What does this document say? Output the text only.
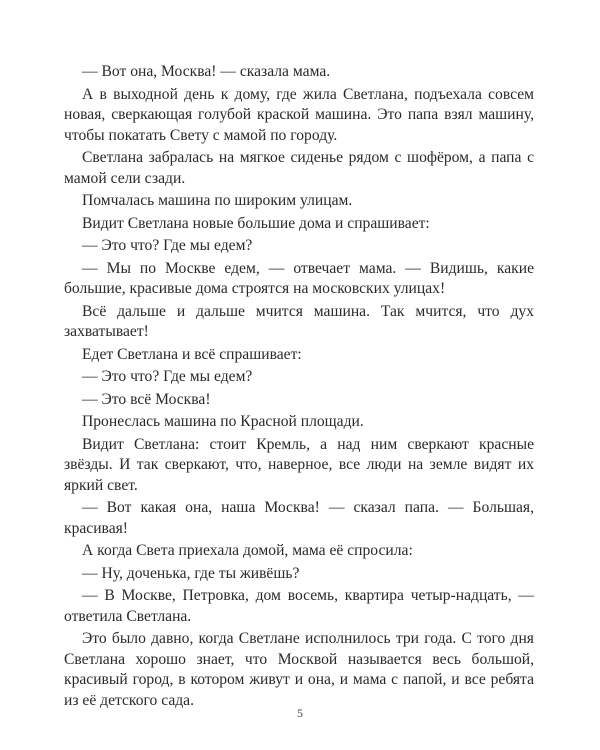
— Вот она, Москва! — сказала мама.

А в выходной день к дому, где жила Светлана, подъехала совсем новая, сверкающая голубой краской машина. Это папа взял машину, чтобы покатать Свету с мамой по городу.

Светлана забралась на мягкое сиденье рядом с шофёром, а папа с мамой сели сзади.

Помчалась машина по широким улицам.

Видит Светлана новые большие дома и спрашивает:

— Это что? Где мы едем?

— Мы по Москве едем, — отвечает мама. — Видишь, какие большие, красивые дома строятся на московских улицах!

Всё дальше и дальше мчится машина. Так мчится, что дух захватывает!

Едет Светлана и всё спрашивает:

— Это что? Где мы едем?

— Это всё Москва!

Пронеслась машина по Красной площади.

Видит Светлана: стоит Кремль, а над ним сверкают красные звёзды. И так сверкают, что, наверное, все люди на земле видят их яркий свет.

— Вот какая она, наша Москва! — сказал папа. — Большая, красивая!

А когда Света приехала домой, мама её спросила:

— Ну, доченька, где ты живёшь?

— В Москве, Петровка, дом восемь, квартира четыр-надцать, — ответила Светлана.

Это было давно, когда Светлане исполнилось три года. С того дня Светлана хорошо знает, что Москвой называется весь большой, красивый город, в котором живут и она, и мама с папой, и все ребята из её детского сада.

5
